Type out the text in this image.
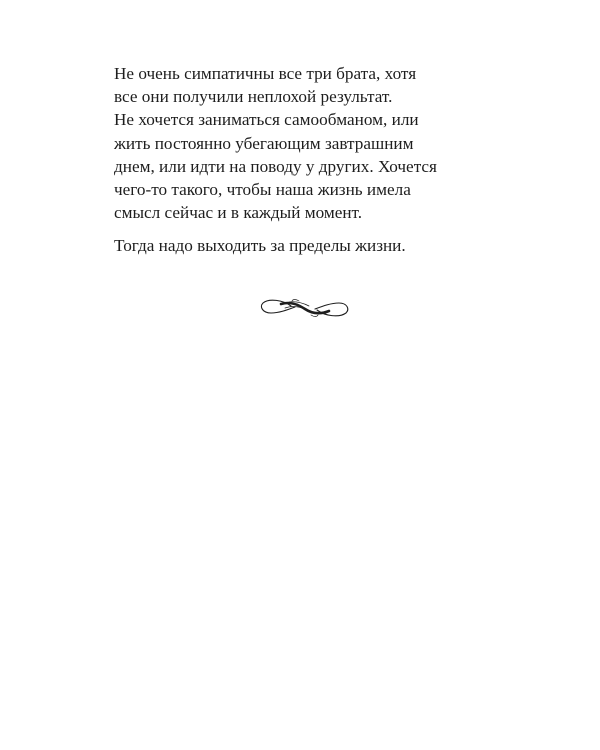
Не очень симпатичны все три брата, хотя
все они получили неплохой результат.
Не хочется заниматься самообманом, или
жить постоянно убегающим завтрашним
днем, или идти на поводу у других. Хочется
чего-то такого, чтобы наша жизнь имела
смысл сейчас и в каждый момент.
Тогда надо выходить за пределы жизни.
